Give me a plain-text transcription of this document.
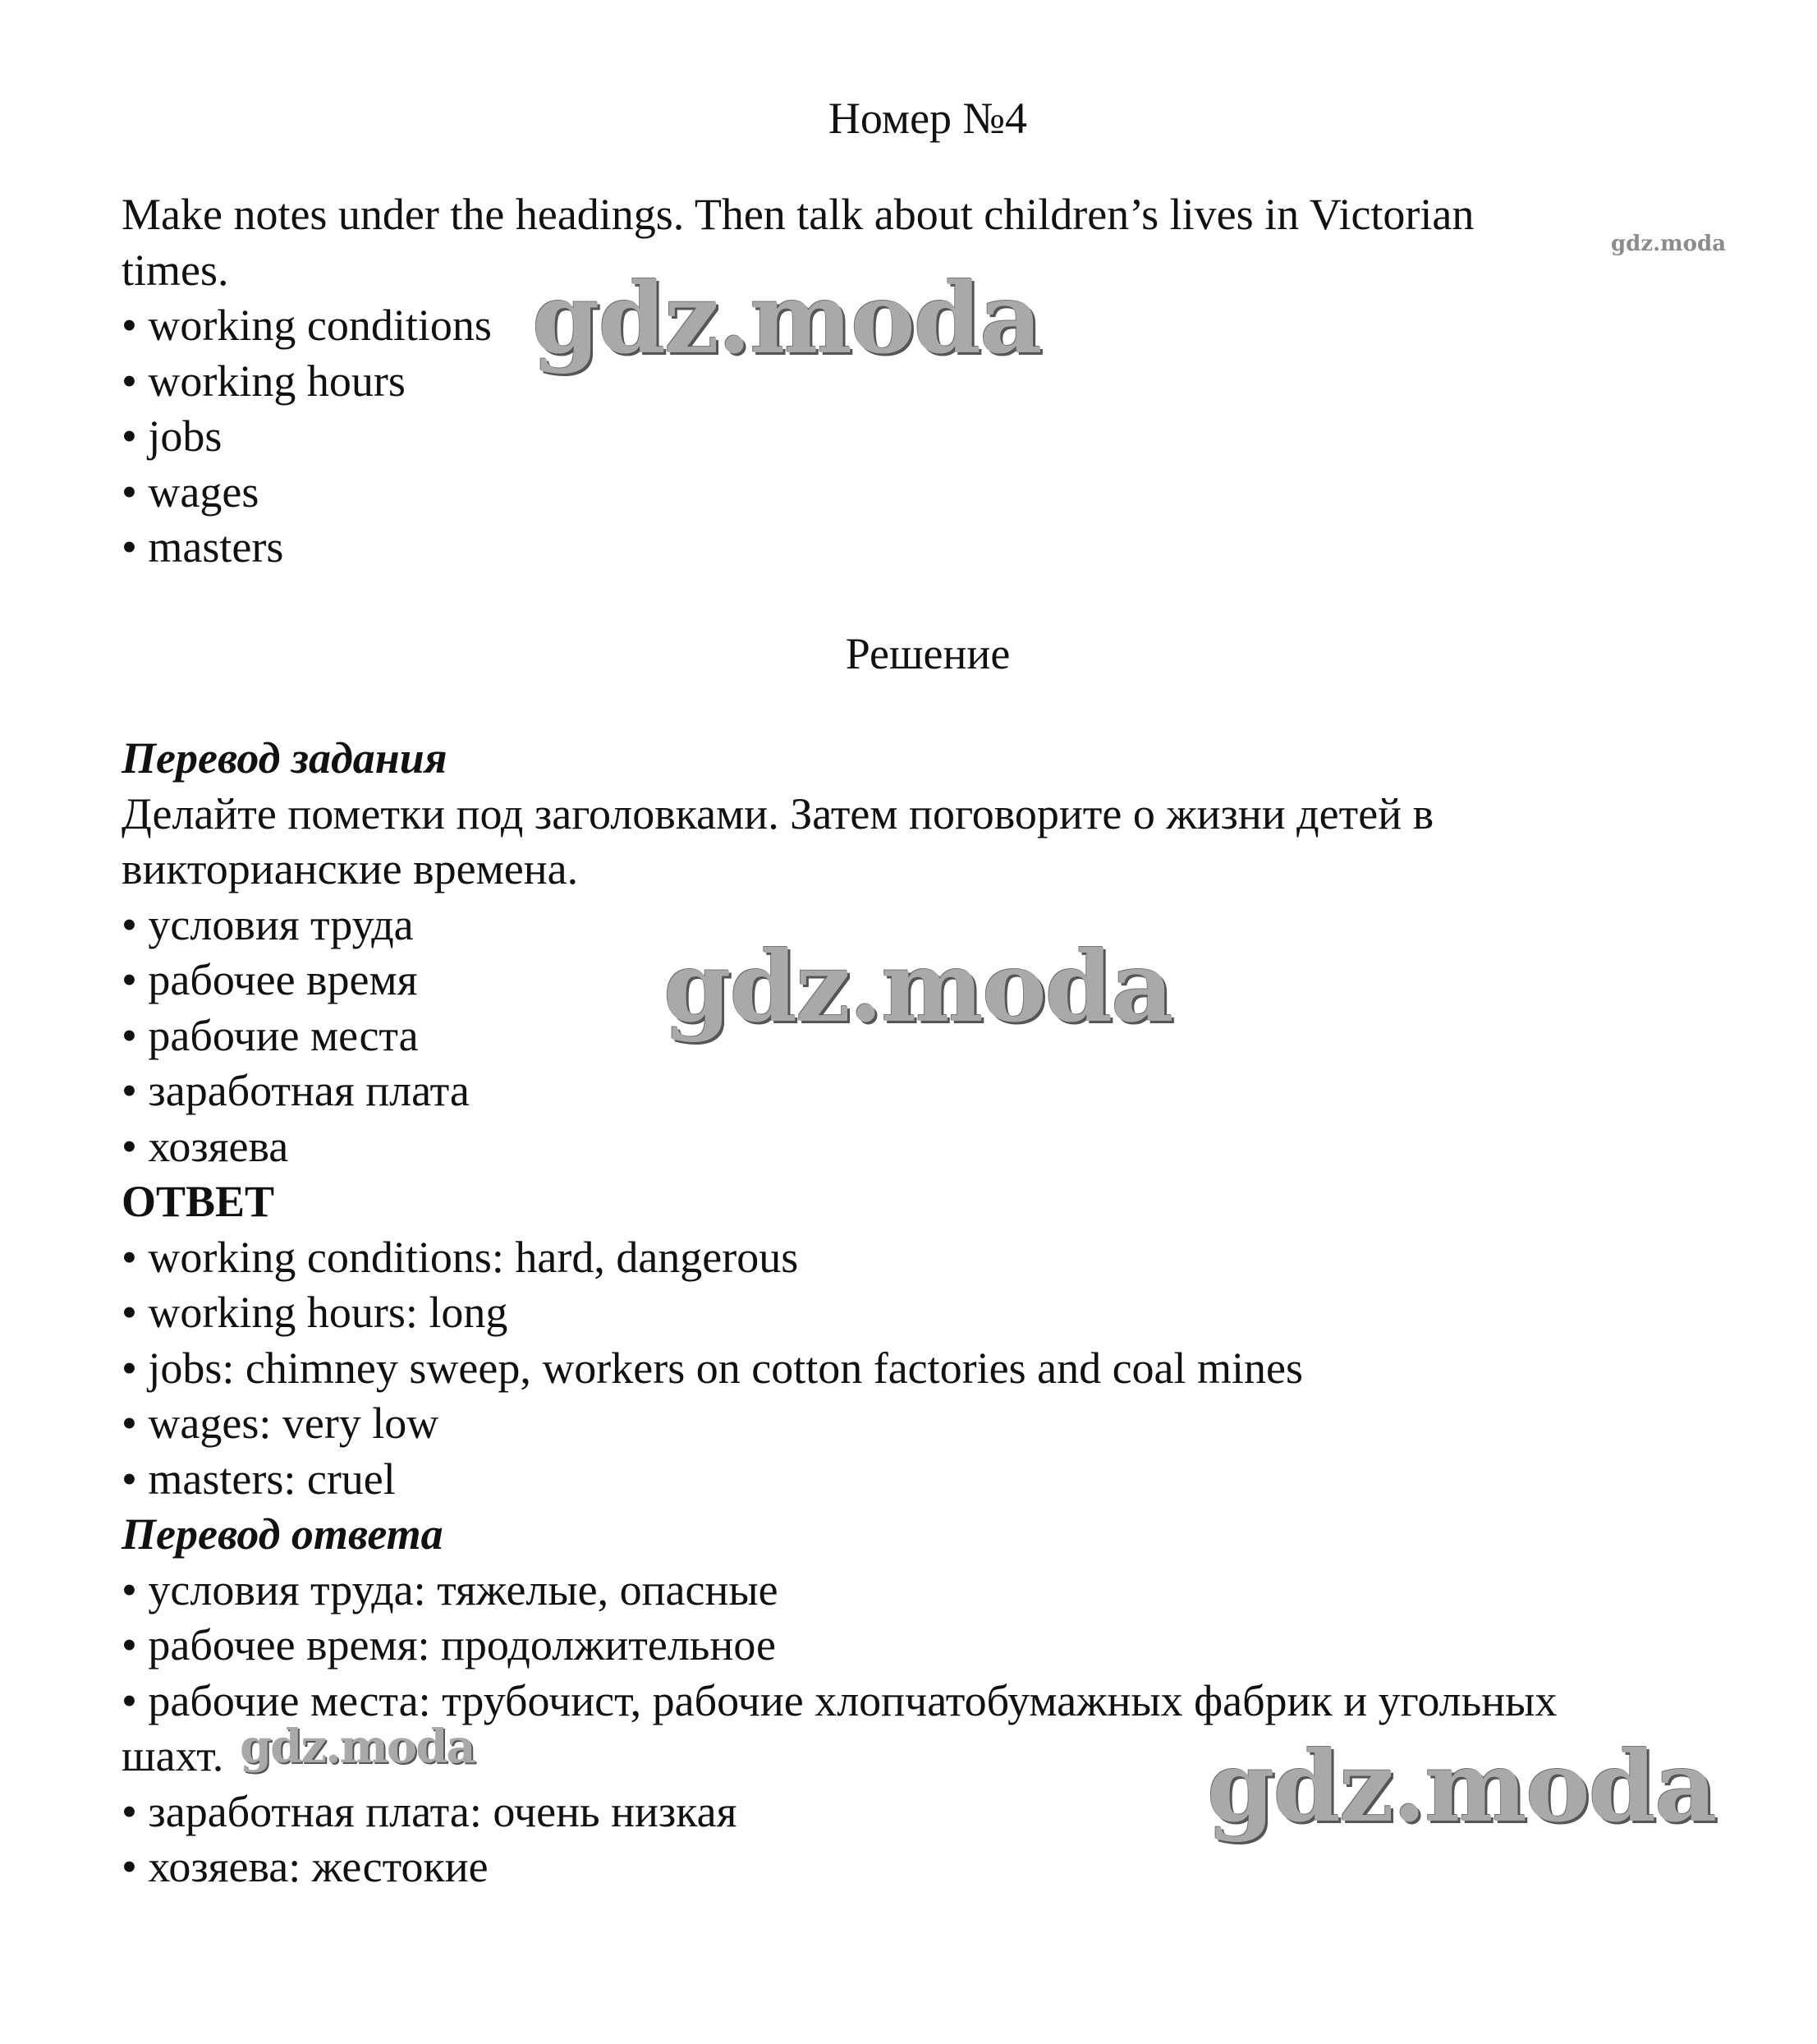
Номер №4

Make notes under the headings. Then talk about children’s lives in Victorian

times.

• working conditions

• working hours

• jobs

• wages

• masters

Решение

Перевод задания

Делайте пометки под заголовками. Затем поговорите о жизни детей в

викторианские времена.

• условия труда

• рабочее время

• рабочие места

• заработная плата

• хозяева

ОТВЕТ

• working conditions: hard, dangerous

• working hours: long

• jobs: chimney sweep, workers on cotton factories and coal mines

• wages: very low

• masters: cruel

Перевод ответа

• условия труда: тяжелые, опасные

• рабочее время: продолжительное

• рабочие места: трубочист, рабочие хлопчатобумажных фабрик и угольных

шахт.

• заработная плата: очень низкая

• хозяева: жестокие

gdz.moda
gdz.moda
gdz.moda
gdz.moda	gdz.moda
